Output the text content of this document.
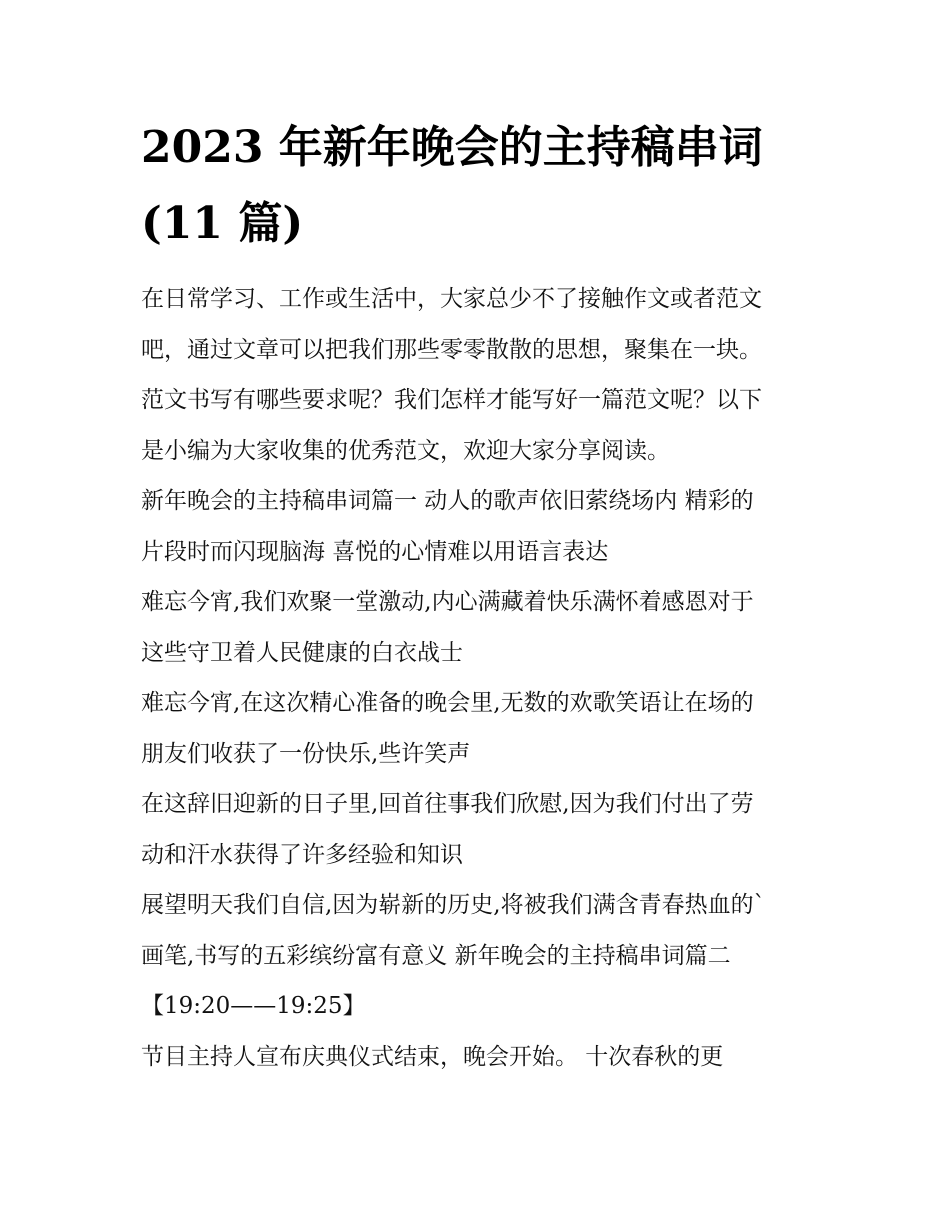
2023 年新年晚会的主持稿串词
(11 篇)
在日常学习、工作或生活中，大家总少不了接触作文或者范文
吧，通过文章可以把我们那些零零散散的思想，聚集在一块。
范文书写有哪些要求呢？我们怎样才能写好一篇范文呢？以下
是小编为大家收集的优秀范文，欢迎大家分享阅读。
新年晚会的主持稿串词篇一 动人的歌声依旧萦绕场内 精彩的
片段时而闪现脑海 喜悦的心情难以用语言表达
难忘今宵,我们欢聚一堂激动,内心满藏着快乐满怀着感恩对于
这些守卫着人民健康的白衣战士
难忘今宵,在这次精心准备的晚会里,无数的欢歌笑语让在场的
朋友们收获了一份快乐,些许笑声
在这辞旧迎新的日子里,回首往事我们欣慰,因为我们付出了劳
动和汗水获得了许多经验和知识
展望明天我们自信,因为崭新的历史,将被我们满含青春热血的`
画笔,书写的五彩缤纷富有意义 新年晚会的主持稿串词篇二
【19:20——19:25】
节目主持人宣布庆典仪式结束，晚会开始。 十次春秋的更
